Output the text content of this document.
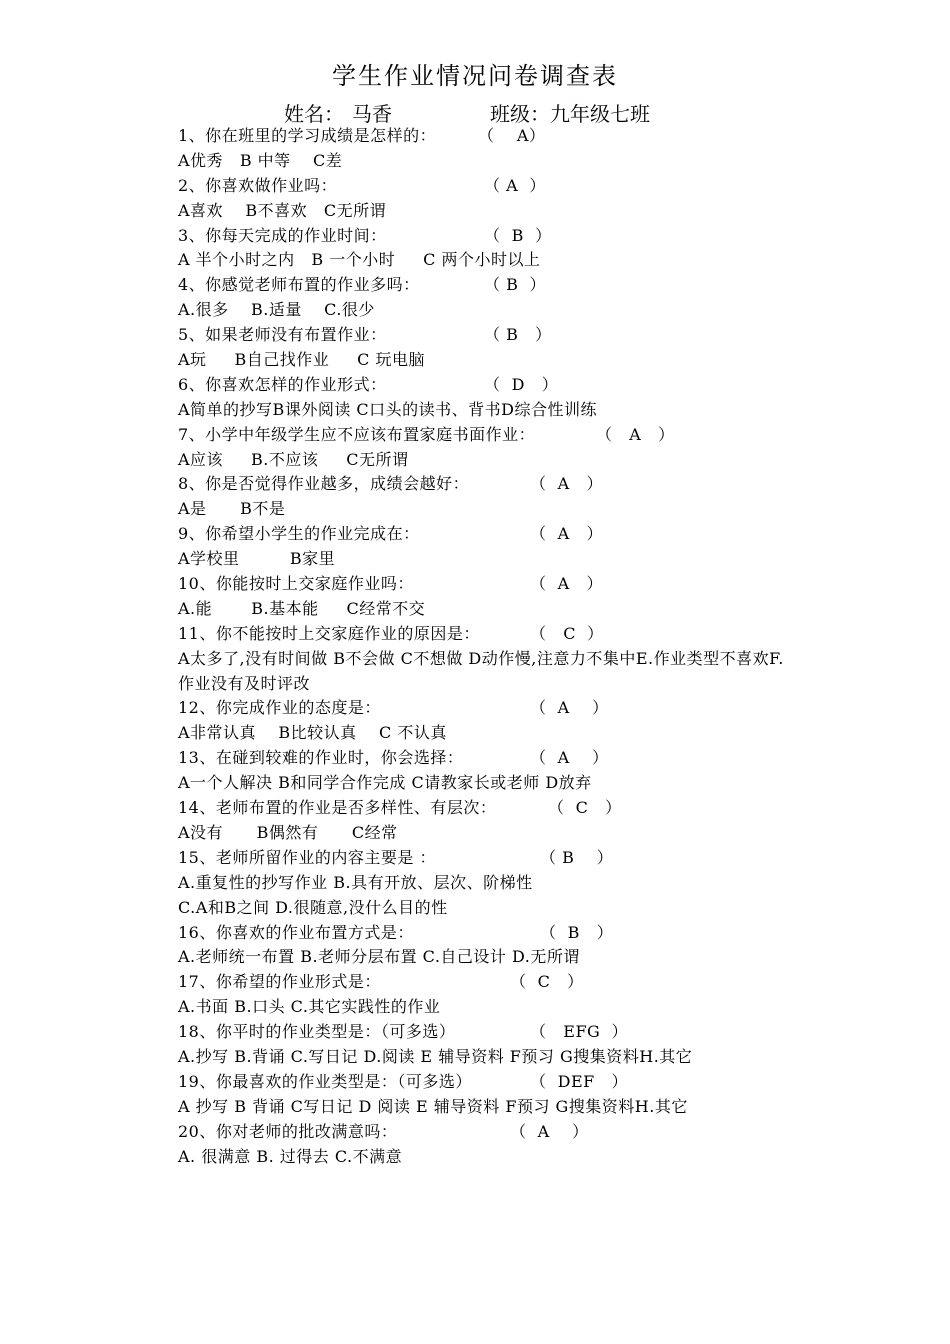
学生作业情况问卷调查表
姓名： 马香	班级：九年级七班
1、你在班里的学习成绩是怎样的：	（    A）
A优秀   B 中等    C差
2、你喜欢做作业吗：	（ A  ）
A喜欢    B不喜欢   C无所谓
3、你每天完成的作业时间：	（  B  ）
A 半个小时之内   B 一个小时     C 两个小时以上
4、你感觉老师布置的作业多吗：	（ B  ）
A.很多    B.适量    C.很少
5、如果老师没有布置作业：	（ B   ）
A玩     B自己找作业     C 玩电脑
6、你喜欢怎样的作业形式：	（  D   ）
A简单的抄写B课外阅读 C口头的读书、背书D综合性训练
7、小学中年级学生应不应该布置家庭书面作业：	（   A   ）
A应该     B.不应该     C无所谓
8、你是否觉得作业越多，成绩会越好：	（  A   ）
A是      B不是
9、你希望小学生的作业完成在：	（  A   ）
A学校里         B家里
10、你能按时上交家庭作业吗：	（  A   ）
A.能       B.基本能     C经常不交
11、你不能按时上交家庭作业的原因是：	（   C  ）
A太多了,没有时间做 B不会做 C不想做 D动作慢,注意力不集中E.作业类型不喜欢F.
作业没有及时评改
12、你完成作业的态度是：	（  A    ）
A非常认真    B比较认真    C 不认真
13、在碰到较难的作业时，你会选择：	（  A    ）
A一个人解决 B和同学合作完成 C请教家长或老师 D放弃
14、老师布置的作业是否多样性、有层次：	（  C   ）
A没有      B偶然有      C经常
15、老师所留作业的内容主要是 ：	（ B    ）
A.重复性的抄写作业 B.具有开放、层次、阶梯性
C.A和B之间 D.很随意,没什么目的性
16、你喜欢的作业布置方式是：	（  B   ）
A.老师统一布置 B.老师分层布置 C.自己设计 D.无所谓
17、你希望的作业形式是：	（  C   ）
A.书面 B.口头 C.其它实践性的作业
18、你平时的作业类型是：（可多选）	（   EFG  ）
A.抄写 B.背诵 C.写日记 D.阅读 E 辅导资料 F预习 G搜集资料H.其它
19、你最喜欢的作业类型是：（可多选）	（  DEF   ）
A 抄写 B 背诵 C写日记 D 阅读 E 辅导资料 F预习 G搜集资料H.其它
20、你对老师的批改满意吗：	（  A    ）
A. 很满意 B. 过得去 C.不满意
